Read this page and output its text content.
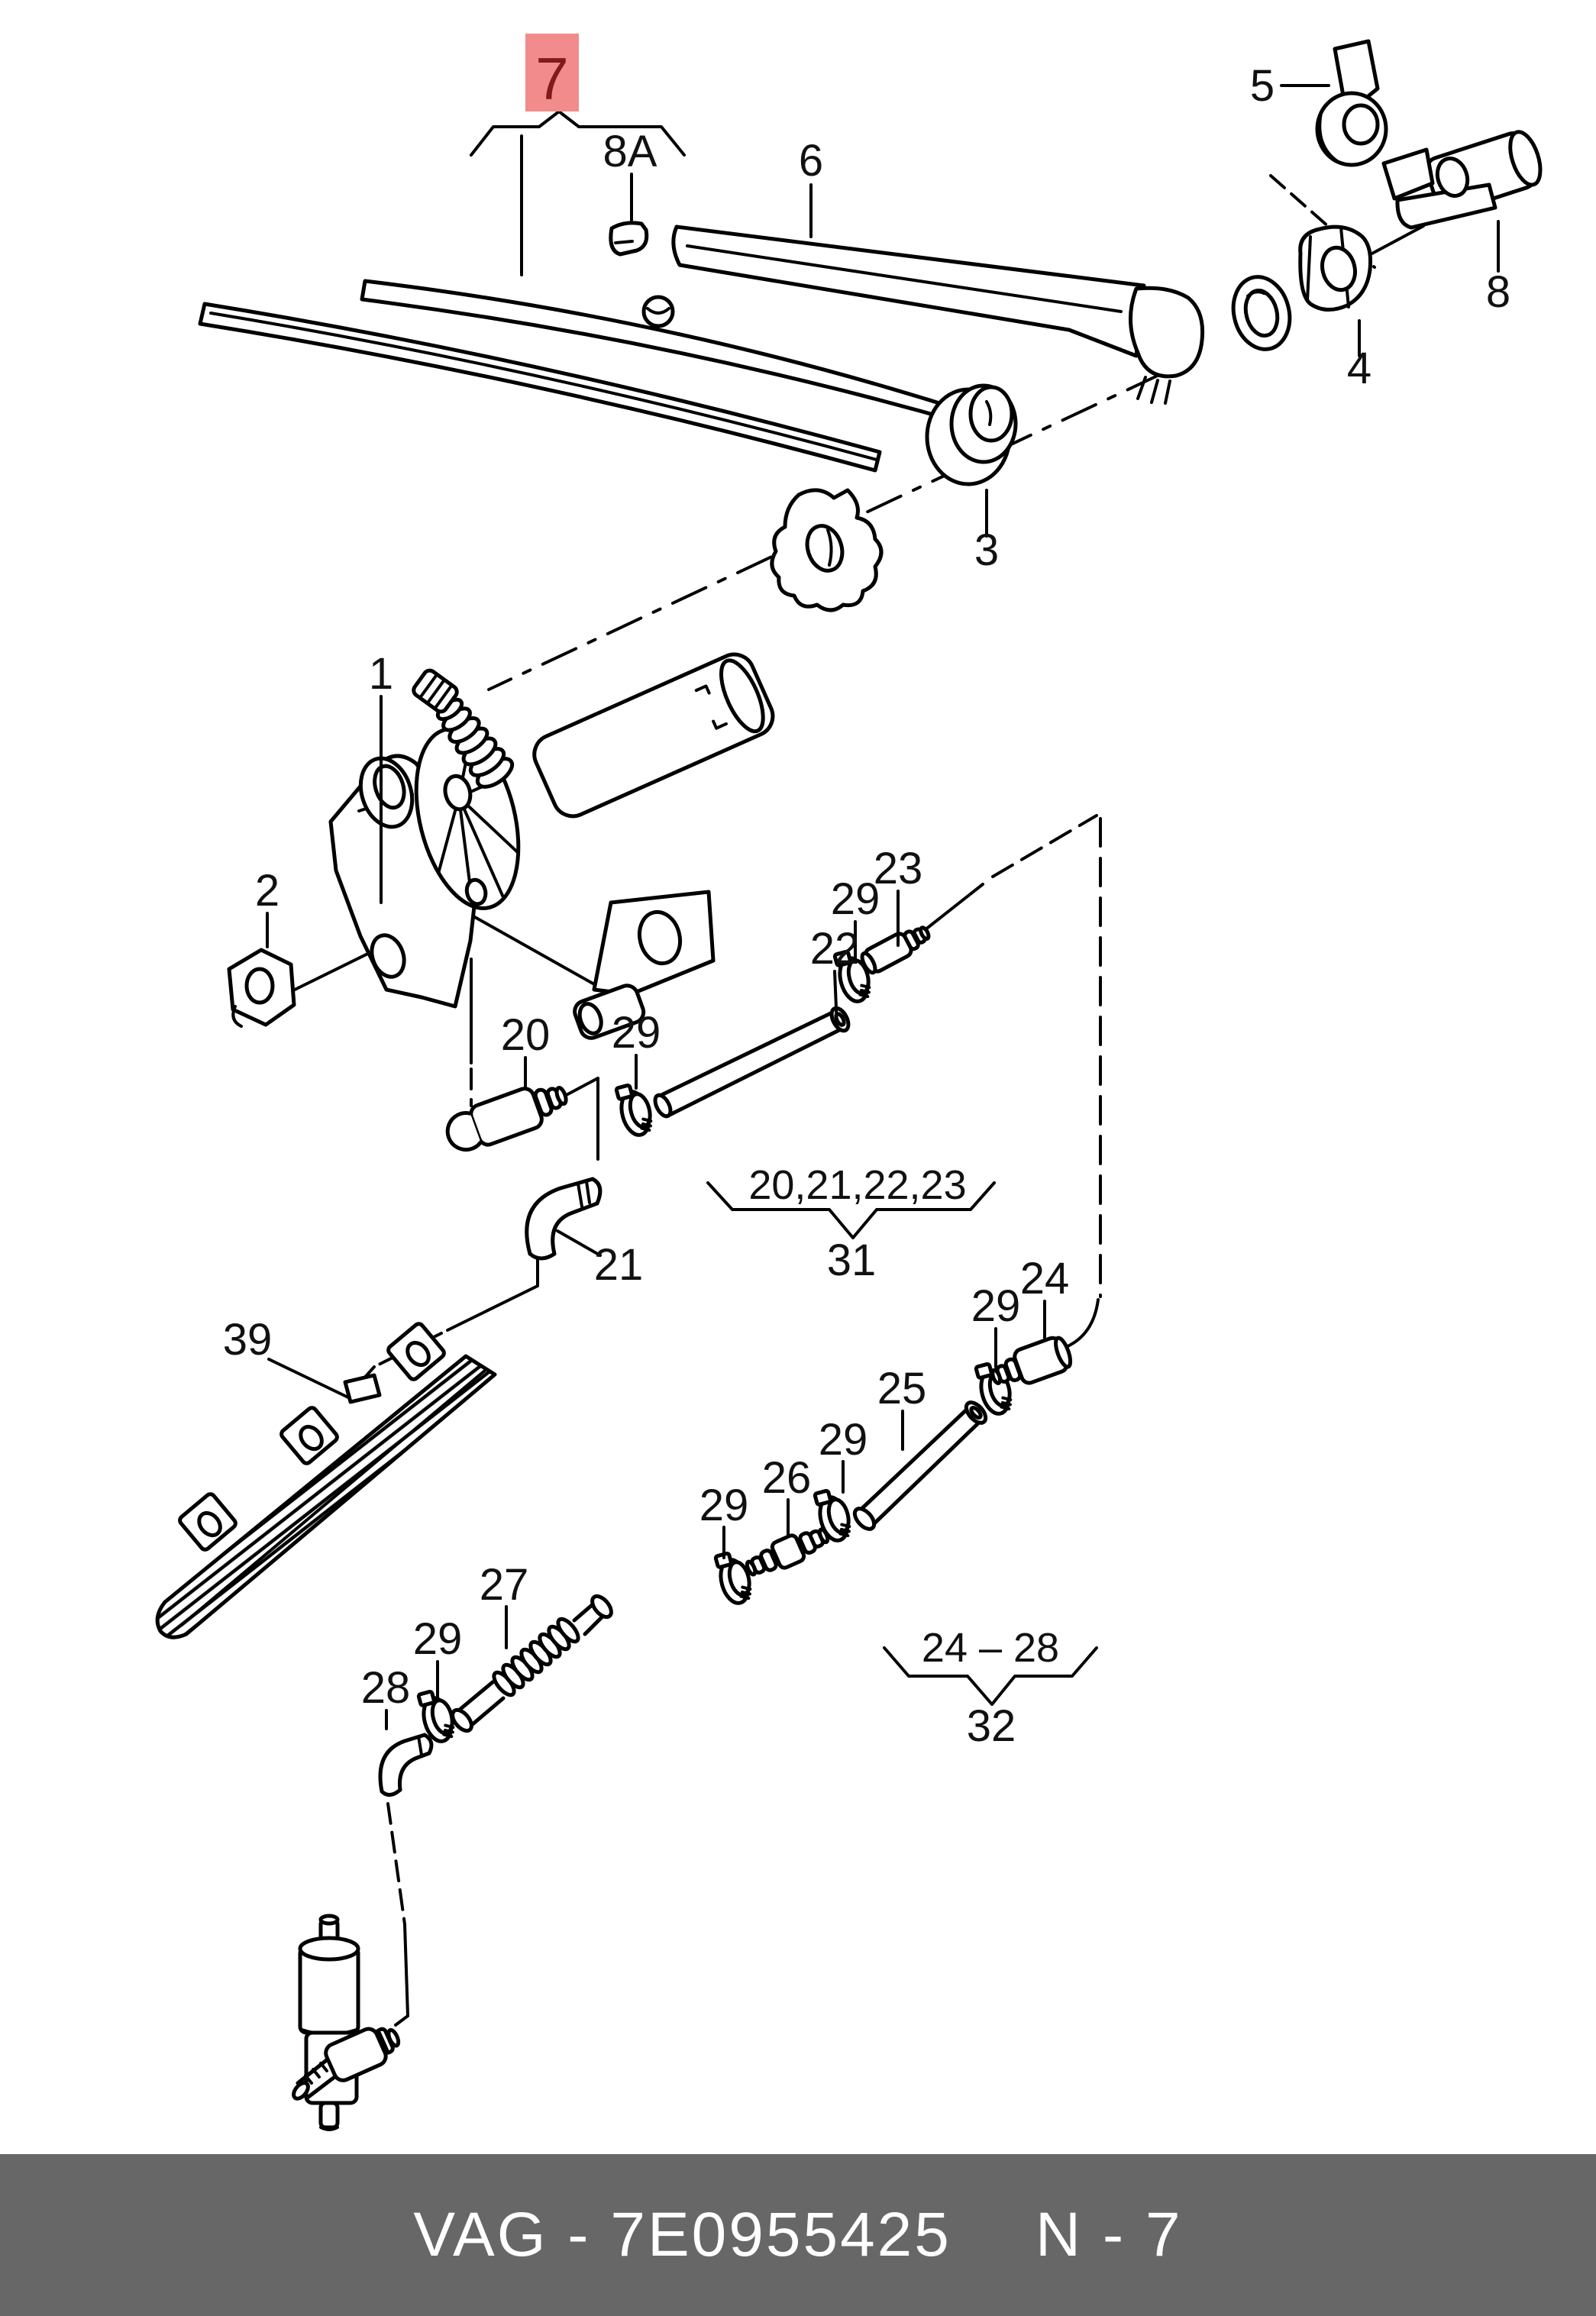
7
8A	6
5
8
4
3
1
2
20 29
29
23
22
21
20,21,22,23
31
39
29
24
25
29
26
29
29
27
28
24 – 28
32
VAG - 7E0955425 N - 7
